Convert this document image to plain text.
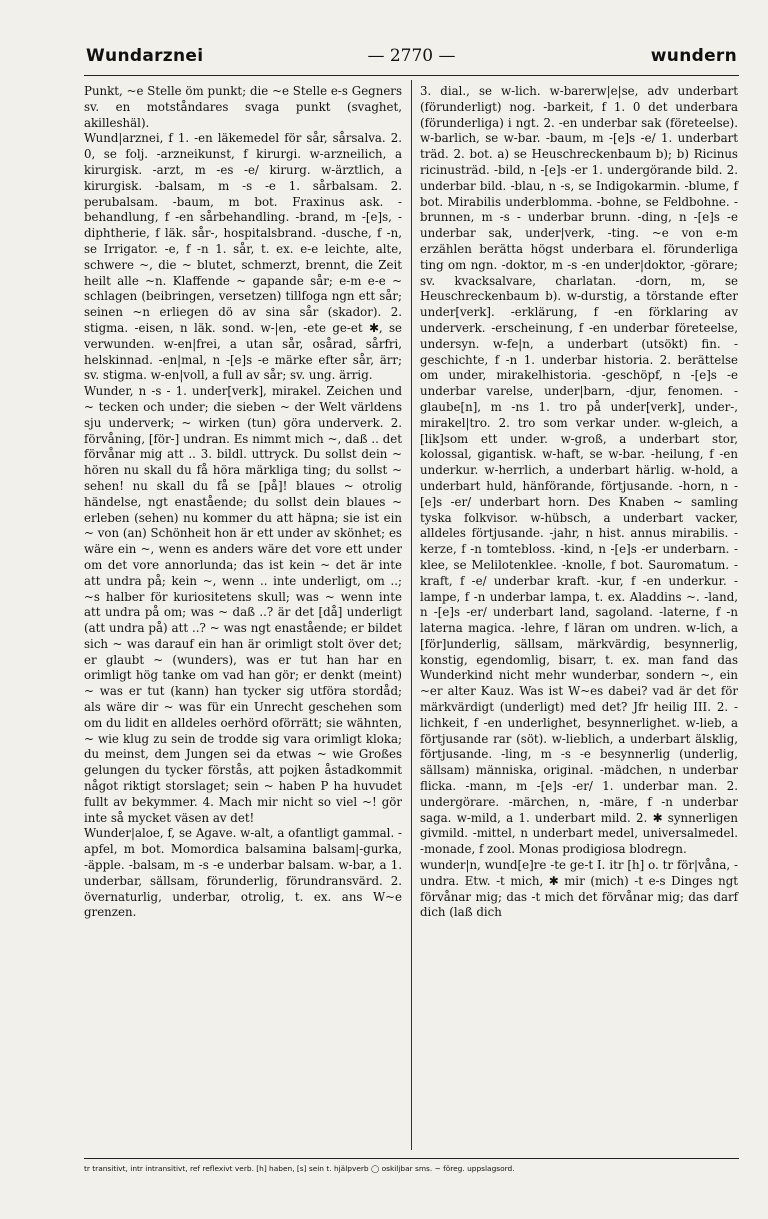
Wundarznei	— 2770 —	wundern

Punkt, ~e Stelle öm punkt; die ~e Stelle e-s Gegners sv. en motståndares svaga punkt (svaghet, akilleshäl).

Wund|arznei, f 1. -en läkemedel för sår, sårsalva. 2. 0, se folj. -arzneikunst, f kirurgi. w-arzneilich, a kirurgisk. -arzt, m -es -e/ kirurg. w-ärztlich, a kirurgisk. -balsam, m -s -e 1. sårbalsam. 2. perubalsam. -baum, m bot. Fraxinus ask. -behandlung, f -en sårbehandling. -brand, m -[e]s, -diphtherie, f läk. sår-, hospitalsbrand. -dusche, f -n, se Irrigator. -e, f -n 1. sår, t. ex. e-e leichte, alte, schwere ~, die ~ blutet, schmerzt, brennt, die Zeit heilt alle ~n. Klaffende ~ gapande sår; e-m e-e ~ schlagen (beibringen, versetzen) tillfoga ngn ett sår; seinen ~n erliegen dö av sina sår (skador). 2. stigma. -eisen, n läk. sond. w-|en, -ete ge-et ✱, se verwunden. w-en|frei, a utan sår, osårad, sårfri, helskinnad. -en|mal, n -[e]s -e märke efter sår, ärr; sv. stigma. w-en|voll, a full av sår; sv. ung. ärrig.

Wunder, n -s - 1. under[verk], mirakel. Zeichen und ~ tecken och under; die sieben ~ der Welt världens sju underverk; ~ wirken (tun) göra underverk. 2. förvåning, [för-] undran. Es nimmt mich ~, daß .. det förvånar mig att .. 3. bildl. uttryck. Du sollst dein ~ hören nu skall du få höra märkliga ting; du sollst ~ sehen! nu skall du få se [på]! blaues ~ otrolig händelse, ngt enastående; du sollst dein blaues ~ erleben (sehen) nu kommer du att häpna; sie ist ein ~ von (an) Schönheit hon är ett under av skönhet; es wäre ein ~, wenn es anders wäre det vore ett under om det vore annorlunda; das ist kein ~ det är inte att undra på; kein ~, wenn .. inte underligt, om ..; ~s halber för kuriositetens skull; was ~ wenn inte att undra på om; was ~ daß ..? är det [då] underligt (att undra på) att ..? ~ was ngt enastående; er bildet sich ~ was darauf ein han är orimligt stolt över det; er glaubt ~ (wunders), was er tut han har en orimligt hög tanke om vad han gör; er denkt (meint) ~ was er tut (kann) han tycker sig utföra stordåd; als wäre dir ~ was für ein Unrecht geschehen som om du lidit en alldeles oerhörd oförrätt; sie wähnten, ~ wie klug zu sein de trodde sig vara orimligt kloka; du meinst, dem Jungen sei da etwas ~ wie Großes gelungen du tycker förstås, att pojken åstadkommit något riktigt storslaget; sein ~ haben P ha huvudet fullt av bekymmer. 4. Mach mir nicht so viel ~! gör inte så mycket väsen av det!

Wunder|aloe, f, se Agave. w-alt, a ofantligt gammal. -apfel, m bot. Momordica balsamina balsam|-gurka, -äpple. -balsam, m -s -e underbar balsam. w-bar, a 1. underbar, sällsam, förunderlig, förundransvärd. 2. övernaturlig, underbar, otrolig, t. ex. ans W~e grenzen.

3. dial., se w-lich. w-barerw|e|se, adv underbart (förunderligt) nog. -barkeit, f 1. 0 det underbara (förunderliga) i ngt. 2. -en underbar sak (företeelse). w-barlich, se w-bar. -baum, m -[e]s -e/ 1. underbart träd. 2. bot. a) se Heuschreckenbaum b); b) Ricinus ricinusträd. -bild, n -[e]s -er 1. undergörande bild. 2. underbar bild. -blau, n -s, se Indigokarmin. -blume, f bot. Mirabilis underblomma. -bohne, se Feldbohne. -brunnen, m -s - underbar brunn. -ding, n -[e]s -e underbar sak, under|verk, -ting. ~e von e-m erzählen berätta högst underbara el. förunderliga ting om ngn. -doktor, m -s -en under|doktor, -görare; sv. kvacksalvare, charlatan. -dorn, m, se Heuschreckenbaum b). w-durstig, a törstande efter under[verk]. -erklärung, f -en förklaring av underverk. -erscheinung, f -en underbar företeelse, undersyn. w-fe|n, a underbart (utsökt) fin. -geschichte, f -n 1. underbar historia. 2. berättelse om under, mirakelhistoria. -geschöpf, n -[e]s -e underbar varelse, under|barn, -djur, fenomen. -glaube[n], m -ns 1. tro på under[verk], under-, mirakel|tro. 2. tro som verkar under. w-gleich, a [lik]som ett under. w-groß, a underbart stor, kolossal, gigantisk. w-haft, se w-bar. -heilung, f -en underkur. w-herrlich, a underbart härlig. w-hold, a underbart huld, hänförande, förtjusande. -horn, n -[e]s -er/ underbart horn. Des Knaben ~ samling tyska folkvisor. w-hübsch, a underbart vacker, alldeles förtjusande. -jahr, n hist. annus mirabilis. -kerze, f -n tomtebloss. -kind, n -[e]s -er underbarn. -klee, se Melilotenklee. -knolle, f bot. Sauromatum. -kraft, f -e/ underbar kraft. -kur, f -en underkur. -lampe, f -n underbar lampa, t. ex. Aladdins ~. -land, n -[e]s -er/ underbart land, sagoland. -laterne, f -n laterna magica. -lehre, f läran om undren. w-lich, a [för]underlig, sällsam, märkvärdig, besynnerlig, konstig, egendomlig, bisarr, t. ex. man fand das Wunderkind nicht mehr wunderbar, sondern ~, ein ~er alter Kauz. Was ist W~es dabei? vad är det för märkvärdigt (underligt) med det? Jfr heilig III. 2. -lichkeit, f -en underlighet, besynnerlighet. w-lieb, a förtjusande rar (söt). w-lieblich, a underbart älsklig, förtjusande. -ling, m -s -e besynnerlig (underlig, sällsam) människa, original. -mädchen, n underbar flicka. -mann, m -[e]s -er/ 1. underbar man. 2. undergörare. -märchen, n, -märe, f -n underbar saga. w-mild, a 1. underbart mild. 2. ✱ synnerligen givmild. -mittel, n underbart medel, universalmedel. -monade, f zool. Monas prodigiosa blodregn.

wunder|n, wund[e]re -te ge-t I. itr [h] o. tr för|våna, -undra. Etw. -t mich, ✱ mir (mich) -t e-s Dinges ngt förvånar mig; das -t mich det förvånar mig; das darf dich (laß dich

tr transitivt, intr intransitivt, ref reflexivt verb. [h] haben, [s] sein t. hjälpverb ◯ oskiljbar sms. ~ föreg. uppslagsord.
